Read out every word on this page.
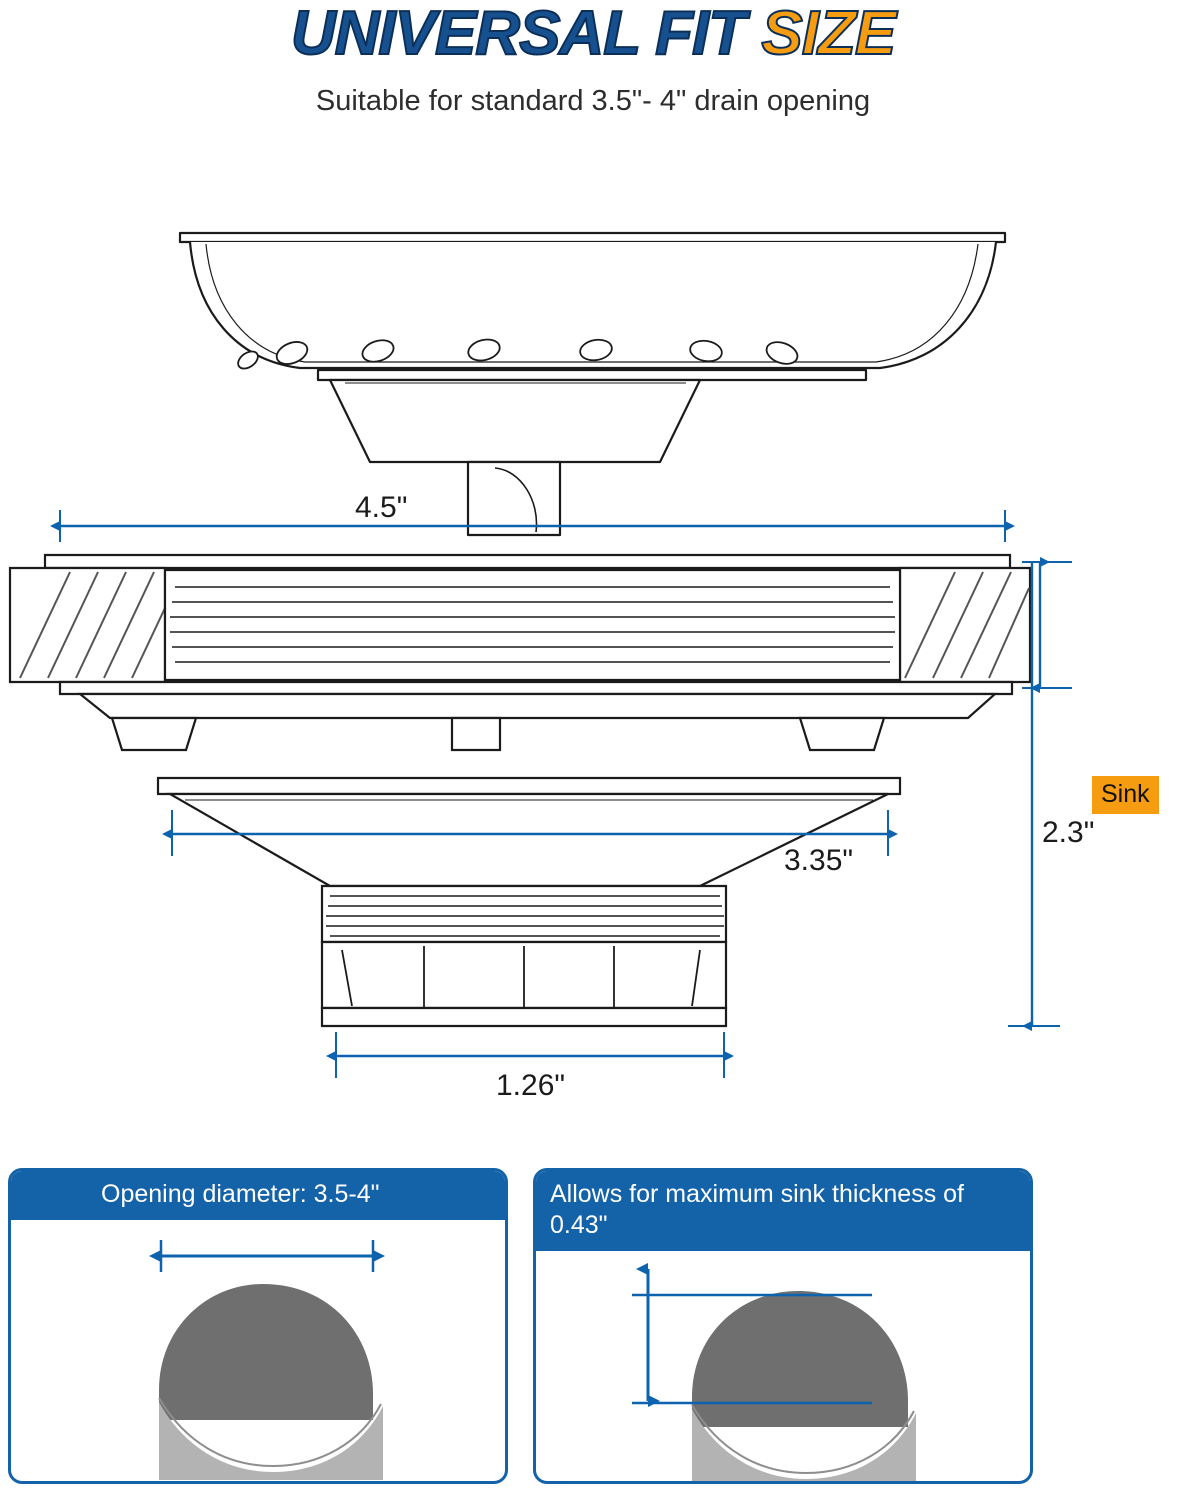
UNIVERSAL FIT SIZE

Suitable for standard 3.5"- 4" drain opening

4.5"
3.35"
2.3"
1.26"
Sink
Opening diameter: 3.5-4"	Allows for maximum sink thickness of 0.43"
